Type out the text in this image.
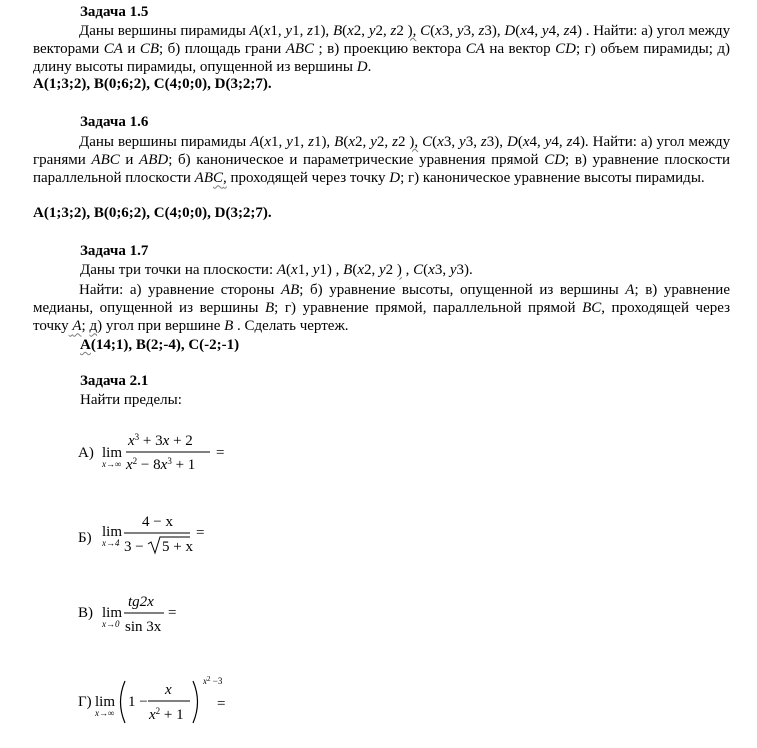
Задача 1.5
Даны вершины пирамиды A(x1, y1, z1), B(x2, y2, z2 ), C(x3, y3, z3), D(x4, y4, z4) . Найти: а) угол между векторами CA и CB; б) площадь грани ABC ; в) проекцию вектора CA на вектор CD; г) объем пирамиды; д) длину высоты пирамиды, опущенной из вершины D.
A(1;3;2), B(0;6;2), C(4;0;0), D(3;2;7).
Задача 1.6
Даны вершины пирамиды A(x1, y1, z1), B(x2, y2, z2 ), C(x3, y3, z3), D(x4, y4, z4). Найти: а) угол между гранями ABC и ABD; б) каноническое и параметрические уравнения прямой CD; в) уравнение плоскости параллельной плоскости ABC, проходящей через точку D; г) каноническое уравнение высоты пирамиды.
A(1;3;2), B(0;6;2), C(4;0;0), D(3;2;7).
Задача 1.7
Даны три точки на плоскости: A(x1, y1) , B(x2, y2 ) , C(x3, y3).
Найти: а) уравнение стороны AB; б) уравнение высоты, опущенной из вершины A; в) уравнение медианы, опущенной из вершины B; г) уравнение прямой, параллельной прямой BC, проходящей через точку A; д) угол при вершине B . Сделать чертеж.
A(14;1), B(2;-4), C(-2;-1)
Задача 2.1
Найти пределы:
А) lim
x→∞
$x^3 + 3x + 2$
$x^2 - 8x^3 + 1$
=
Б) lim
x→4
4 − x
3 − 5 + x
=
В) lim
x→0
tg2x
sin 3x
=
Г) lim
x→∞
1 −
x
$x^2 + 1$
$x^2 -3$
=
